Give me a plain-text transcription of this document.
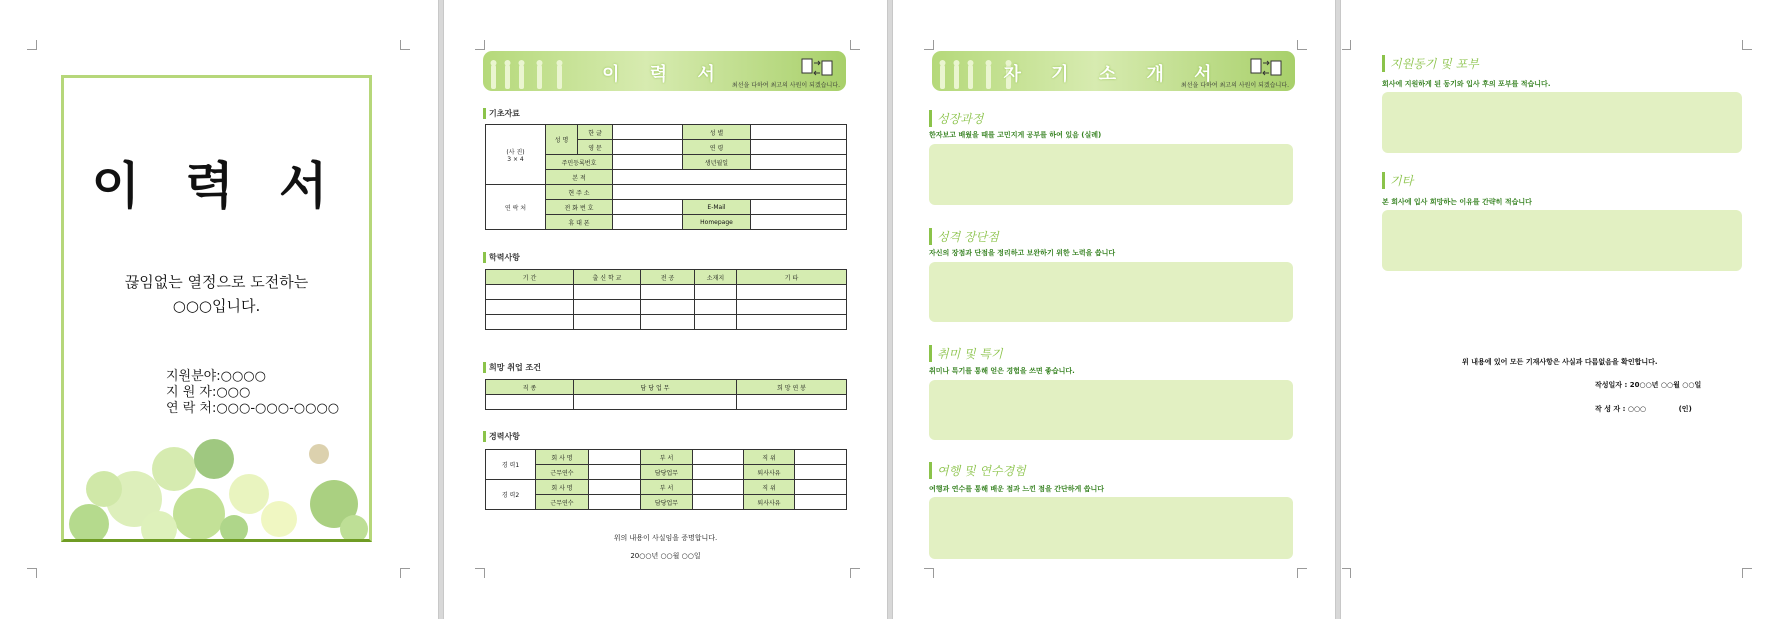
이 력 서
끊임없는 열정으로 도전하는
○○○입니다.
지원분야:○○○○
지 원 자:○○○
연 락 처:○○○-○○○-○○○○
이 력 서
최선을 다하여 최고의 사원이 되겠습니다.
기초자료
(사 진)
3 × 4	성 명	한 글		성 별	
		영 문		연 령	
	주민등록번호			생년월일	
	본 적				
연 락 처	현 주 소				
	전 화 번 호			E-Mail	
	휴 대 폰			Homepage	
학력사항
기 간	출 신 학 교	전 공	소재지	기 타

희망 취업 조건
직 종	담 당 업 무	희 망 연 봉

경력사항
경 력1	회 사 명		부 서		직 위	
	근무연수		담당업무		퇴사사유	
경 력2	회 사 명		부 서		직 위	
	근무연수		담당업무		퇴사사유	
위의 내용이 사실임을 증명합니다.
20○○년 ○○월 ○○일
자 기 소 개 서
최선을 다하여 최고의 사원이 되겠습니다.
성장과정
한자보고 배웠을 때를 고민지게 공부를 하여 있음 (실례)
성격 장단점
자신의 장점과 단점을 정리하고 보완하기 위한 노력을 씁니다
취미 및 특기
취미나 특기를 통해 얻은 경험을 쓰면 좋습니다.
여행 및 연수경험
여행과 연수를 통해 배운 점과 느낀 점을 간단하게 씁니다
지원동기 및 포부
회사에 지원하게 된 동기와 입사 후의 포부를 적습니다.
기타
본 회사에 입사 희망하는 이유를 간략히 적습니다
위 내용에 있어 모든 기재사항은 사실과 다름없음을 확인합니다.
작성일자 : 20○○년 ○○월 ○○일
작 성 자 : ○○○	(인)
